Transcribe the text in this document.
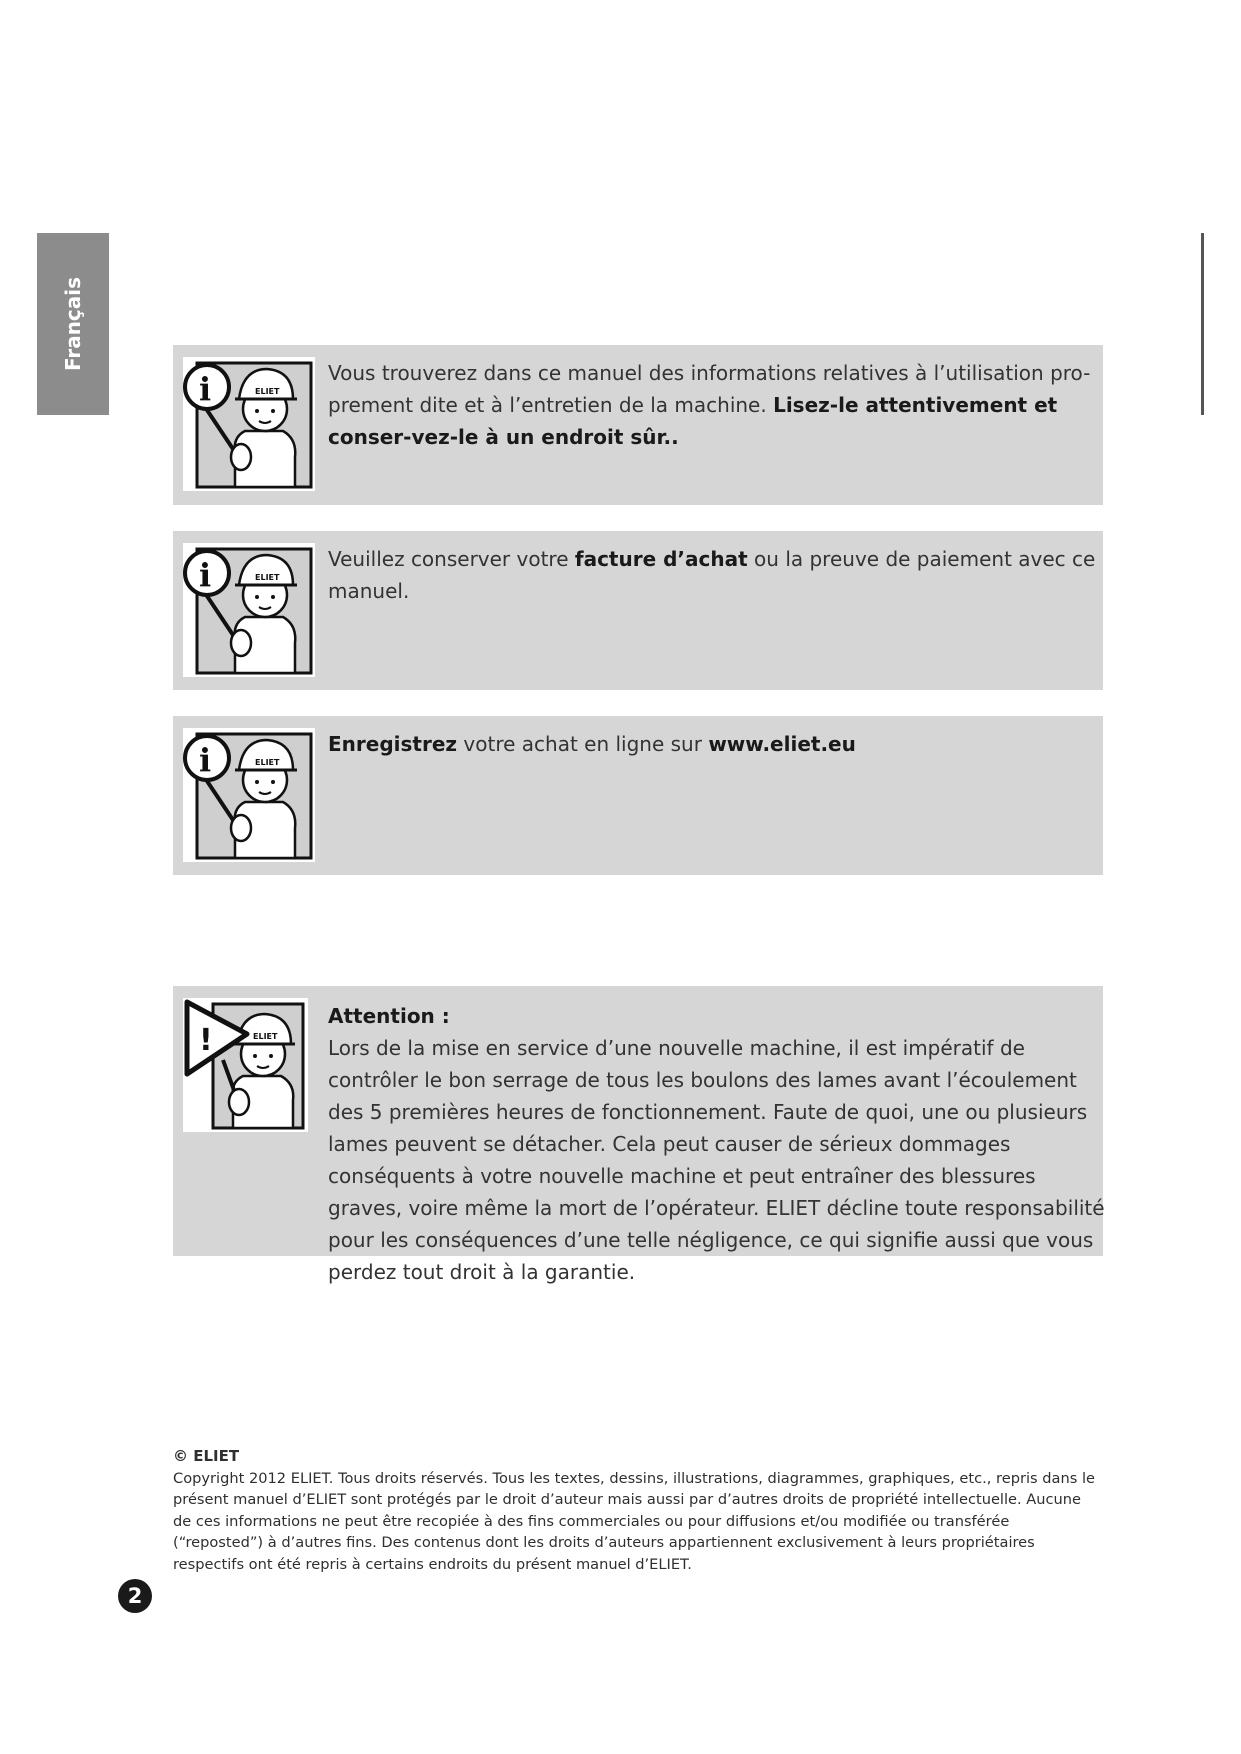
Français
ELIET
i	Vous trouverez dans ce manuel des informations relatives à l’utilisation pro-prement dite et à l’entretien de la machine. Lisez-le attentivement et conser-vez-le à un endroit sûr..
ELIET
i	Veuillez conserver votre facture d’achat ou la preuve de paiement avec ce manuel.
ELIET
i	Enregistrez votre achat en ligne sur www.eliet.eu
ELIET
!
Attention :
Lors de la mise en service d’une nouvelle machine, il est impératif de contrôler le bon serrage de tous les boulons des lames avant l’écoulement des 5 premières heures de fonctionnement. Faute de quoi, une ou plusieurs lames peuvent se détacher. Cela peut causer de sérieux dommages conséquents à votre nouvelle machine et peut entraîner des blessures graves, voire même la mort de l’opérateur. ELIET décline toute responsabilité pour les conséquences d’une telle négligence, ce qui signifie aussi que vous perdez tout droit à la garantie.
© ELIET
Copyright 2012 ELIET. Tous droits réservés. Tous les textes, dessins, illustrations, diagrammes, graphiques, etc., repris dans le présent manuel d’ELIET sont protégés par le droit d’auteur mais aussi par d’autres droits de propriété intellectuelle. Aucune de ces informations ne peut être recopiée à des fins commerciales ou pour diffusions et/ou modifiée ou transférée (“reposted”) à d’autres fins. Des contenus dont les droits d’auteurs appartiennent exclusivement à leurs propriétaires respectifs ont été repris à certains endroits du présent manuel d’ELIET.
2
